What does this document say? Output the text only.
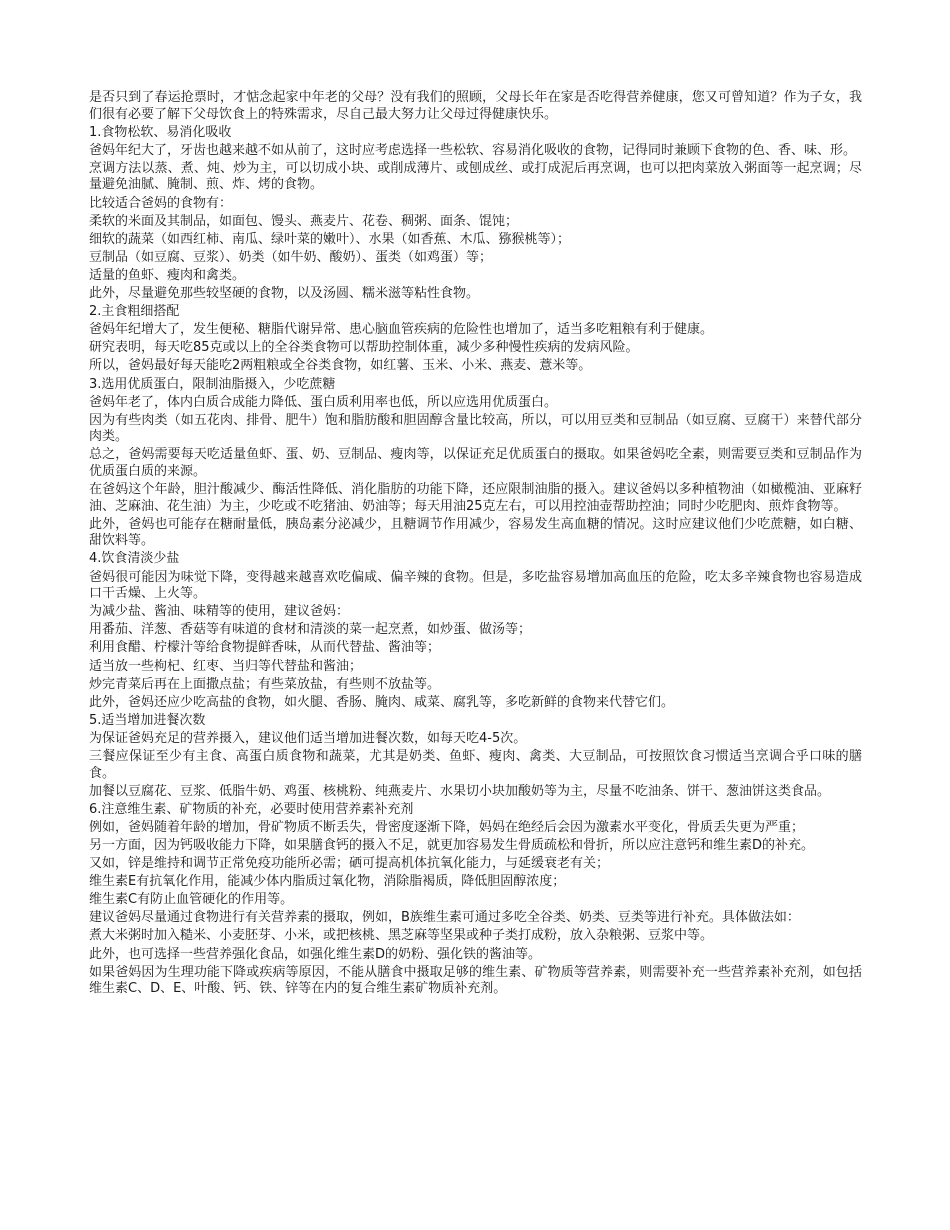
是否只到了春运抢票时，才惦念起家中年老的父母？没有我们的照顾，父母长年在家是否吃得营养健康，您又可曾知道？作为子女，我们很有必要了解下父母饮食上的特殊需求，尽自己最大努力让父母过得健康快乐。

1.食物松软、易消化吸收

爸妈年纪大了，牙齿也越来越不如从前了，这时应考虑选择一些松软、容易消化吸收的食物，记得同时兼顾下食物的色、香、味、形。

烹调方法以蒸、煮、炖、炒为主，可以切成小块、或削成薄片、或刨成丝、或打成泥后再烹调，也可以把肉菜放入粥面等一起烹调；尽量避免油腻、腌制、煎、炸、烤的食物。

比较适合爸妈的食物有：

柔软的米面及其制品，如面包、馒头、燕麦片、花卷、稠粥、面条、馄饨；

细软的蔬菜（如西红柿、南瓜、绿叶菜的嫩叶）、水果（如香蕉、木瓜、猕猴桃等）；

豆制品（如豆腐、豆浆）、奶类（如牛奶、酸奶）、蛋类（如鸡蛋）等；

适量的鱼虾、瘦肉和禽类。

此外，尽量避免那些较坚硬的食物，以及汤圆、糯米滋等粘性食物。

2.主食粗细搭配

爸妈年纪增大了，发生便秘、糖脂代谢异常、患心脑血管疾病的危险性也增加了，适当多吃粗粮有利于健康。

研究表明，每天吃85克或以上的全谷类食物可以帮助控制体重，减少多种慢性疾病的发病风险。

所以，爸妈最好每天能吃2两粗粮或全谷类食物，如红薯、玉米、小米、燕麦、薏米等。

3.选用优质蛋白，限制油脂摄入，少吃蔗糖

爸妈年老了，体内白质合成能力降低、蛋白质利用率也低，所以应选用优质蛋白。

因为有些肉类（如五花肉、排骨、肥牛）饱和脂肪酸和胆固醇含量比较高，所以，可以用豆类和豆制品（如豆腐、豆腐干）来替代部分肉类。

总之，爸妈需要每天吃适量鱼虾、蛋、奶、豆制品、瘦肉等，以保证充足优质蛋白的摄取。如果爸妈吃全素，则需要豆类和豆制品作为优质蛋白质的来源。

在爸妈这个年龄，胆汁酸减少、酶活性降低、消化脂肪的功能下降，还应限制油脂的摄入。建议爸妈以多种植物油（如橄榄油、亚麻籽油、芝麻油、花生油）为主，少吃或不吃猪油、奶油等；每天用油25克左右，可以用控油壶帮助控油；同时少吃肥肉、煎炸食物等。

此外，爸妈也可能存在糖耐量低，胰岛素分泌减少，且糖调节作用减少，容易发生高血糖的情况。这时应建议他们少吃蔗糖，如白糖、甜饮料等。

4.饮食清淡少盐

爸妈很可能因为味觉下降，变得越来越喜欢吃偏咸、偏辛辣的食物。但是，多吃盐容易增加高血压的危险，吃太多辛辣食物也容易造成口干舌燥、上火等。

为减少盐、酱油、味精等的使用，建议爸妈：

用番茄、洋葱、香菇等有味道的食材和清淡的菜一起烹煮，如炒蛋、做汤等；

利用食醋、柠檬汁等给食物提鲜香味，从而代替盐、酱油等；

适当放一些枸杞、红枣、当归等代替盐和酱油；

炒完青菜后再在上面撒点盐；有些菜放盐，有些则不放盐等。

此外，爸妈还应少吃高盐的食物，如火腿、香肠、腌肉、咸菜、腐乳等，多吃新鲜的食物来代替它们。

5.适当增加进餐次数

为保证爸妈充足的营养摄入，建议他们适当增加进餐次数，如每天吃4-5次。

三餐应保证至少有主食、高蛋白质食物和蔬菜，尤其是奶类、鱼虾、瘦肉、禽类、大豆制品，可按照饮食习惯适当烹调合乎口味的膳食。

加餐以豆腐花、豆浆、低脂牛奶、鸡蛋、核桃粉、纯燕麦片、水果切小块加酸奶等为主，尽量不吃油条、饼干、葱油饼这类食品。

6.注意维生素、矿物质的补充，必要时使用营养素补充剂

例如，爸妈随着年龄的增加，骨矿物质不断丢失，骨密度逐渐下降，妈妈在绝经后会因为激素水平变化，骨质丢失更为严重；

另一方面，因为钙吸收能力下降，如果膳食钙的摄入不足，就更加容易发生骨质疏松和骨折，所以应注意钙和维生素D的补充。

又如，锌是维持和调节正常免疫功能所必需；硒可提高机体抗氧化能力，与延缓衰老有关；

维生素E有抗氧化作用，能减少体内脂质过氧化物，消除脂褐质，降低胆固醇浓度；

维生素C有防止血管硬化的作用等。

建议爸妈尽量通过食物进行有关营养素的摄取，例如，B族维生素可通过多吃全谷类、奶类、豆类等进行补充。具体做法如：

煮大米粥时加入糙米、小麦胚芽、小米，或把核桃、黑芝麻等坚果或种子类打成粉，放入杂粮粥、豆浆中等。

此外，也可选择一些营养强化食品，如强化维生素D的奶粉、强化铁的酱油等。

如果爸妈因为生理功能下降或疾病等原因，不能从膳食中摄取足够的维生素、矿物质等营养素，则需要补充一些营养素补充剂，如包括维生素C、D、E、叶酸、钙、铁、锌等在内的复合维生素矿物质补充剂。
